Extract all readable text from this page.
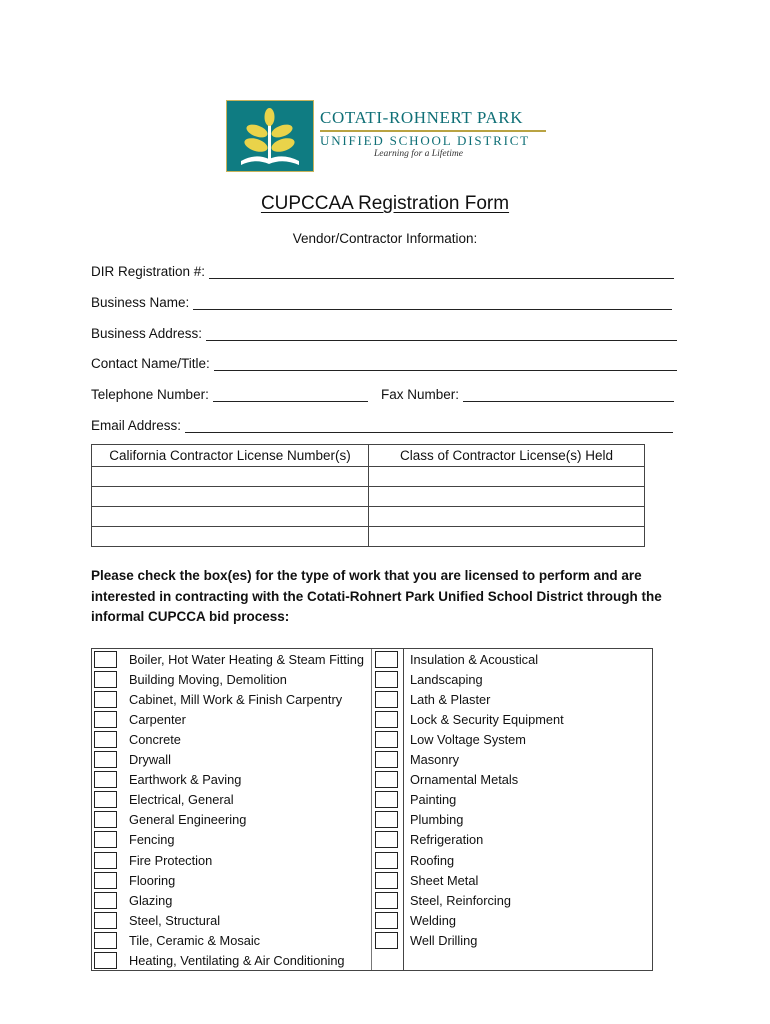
COTATI-ROHNERT PARK
UNIFIED SCHOOL DISTRICT
Learning for a Lifetime
CUPCCAA Registration Form
Vendor/Contractor Information:
DIR Registration #:
Business Name:
Business Address:
Contact Name/Title:
Telephone Number:	Fax Number:
Email Address:
California Contractor License Number(s)	Class of Contractor License(s) Held

Please check the box(es) for the type of work that you are licensed to perform and are interested in contracting with the Cotati-Rohnert Park Unified School District through the informal CUPCCA bid process:
Boiler, Hot Water Heating & Steam Fitting
Building Moving, Demolition
Cabinet, Mill Work & Finish Carpentry
Carpenter
Concrete
Drywall
Earthwork & Paving
Electrical, General
General Engineering
Fencing
Fire Protection
Flooring
Glazing
Steel, Structural
Tile, Ceramic & Mosaic
Heating, Ventilating & Air Conditioning
Insulation & Acoustical
Landscaping
Lath & Plaster
Lock & Security Equipment
Low Voltage System
Masonry
Ornamental Metals
Painting
Plumbing
Refrigeration
Roofing
Sheet Metal
Steel, Reinforcing
Welding
Well Drilling
